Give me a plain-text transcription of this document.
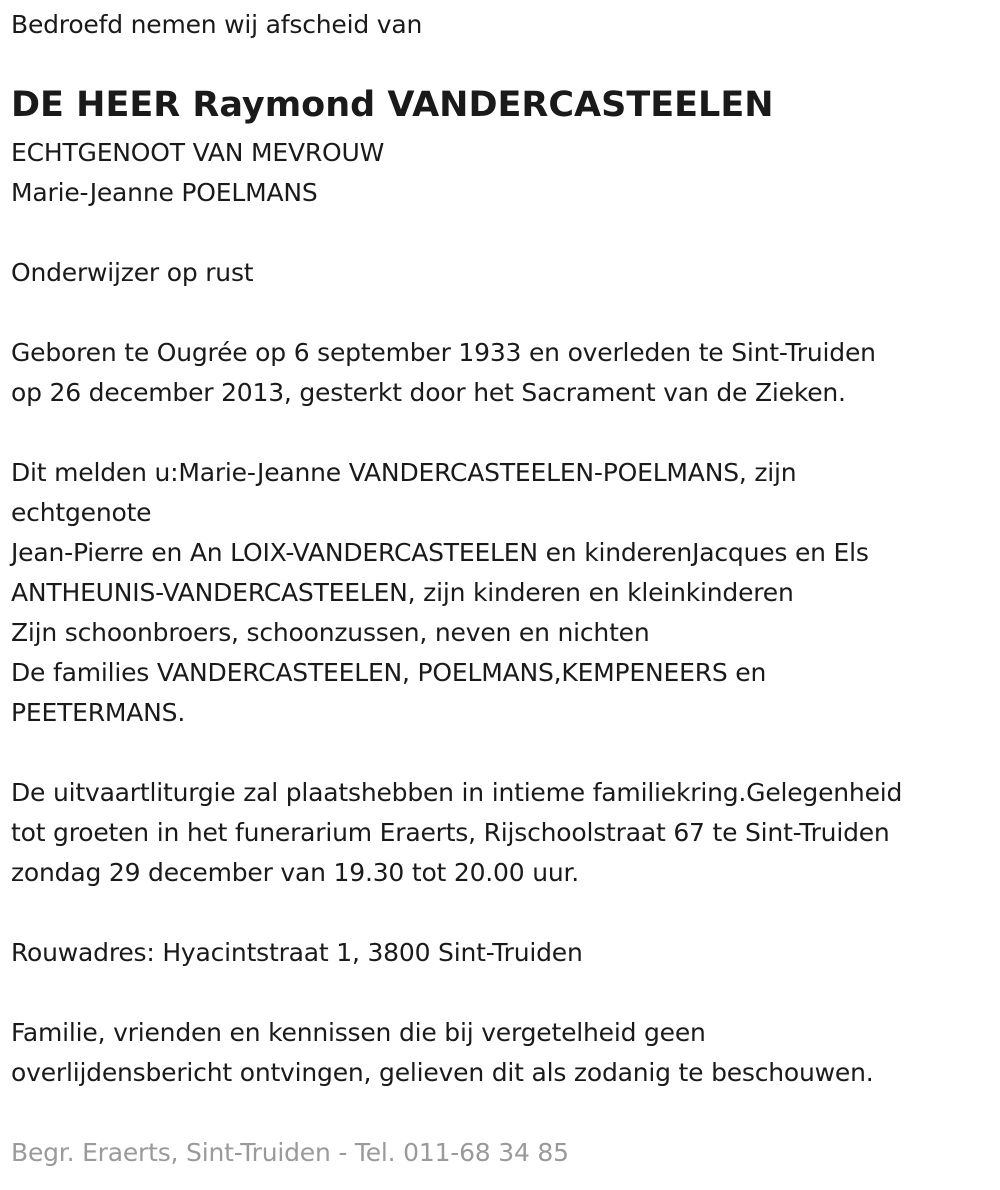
Bedroefd nemen wij afscheid van
DE HEER Raymond VANDERCASTEELEN
ECHTGENOOT VAN MEVROUW
Marie-Jeanne POELMANS
Onderwijzer op rust
Geboren te Ougrée op 6 september 1933 en overleden te Sint-Truiden
op 26 december 2013, gesterkt door het Sacrament van de Zieken.
Dit melden u:Marie-Jeanne VANDERCASTEELEN-POELMANS, zijn
echtgenote
Jean-Pierre en An LOIX-VANDERCASTEELEN en kinderenJacques en Els
ANTHEUNIS-VANDERCASTEELEN, zijn kinderen en kleinkinderen
Zijn schoonbroers, schoonzussen, neven en nichten
De families VANDERCASTEELEN, POELMANS,KEMPENEERS en
PEETERMANS.
De uitvaartliturgie zal plaatshebben in intieme familiekring.Gelegenheid
tot groeten in het funerarium Eraerts, Rijschoolstraat 67 te Sint-Truiden
zondag 29 december van 19.30 tot 20.00 uur.
Rouwadres: Hyacintstraat 1, 3800 Sint-Truiden
Familie, vrienden en kennissen die bij vergetelheid geen
overlijdensbericht ontvingen, gelieven dit als zodanig te beschouwen.
Begr. Eraerts, Sint-Truiden - Tel. 011-68 34 85
